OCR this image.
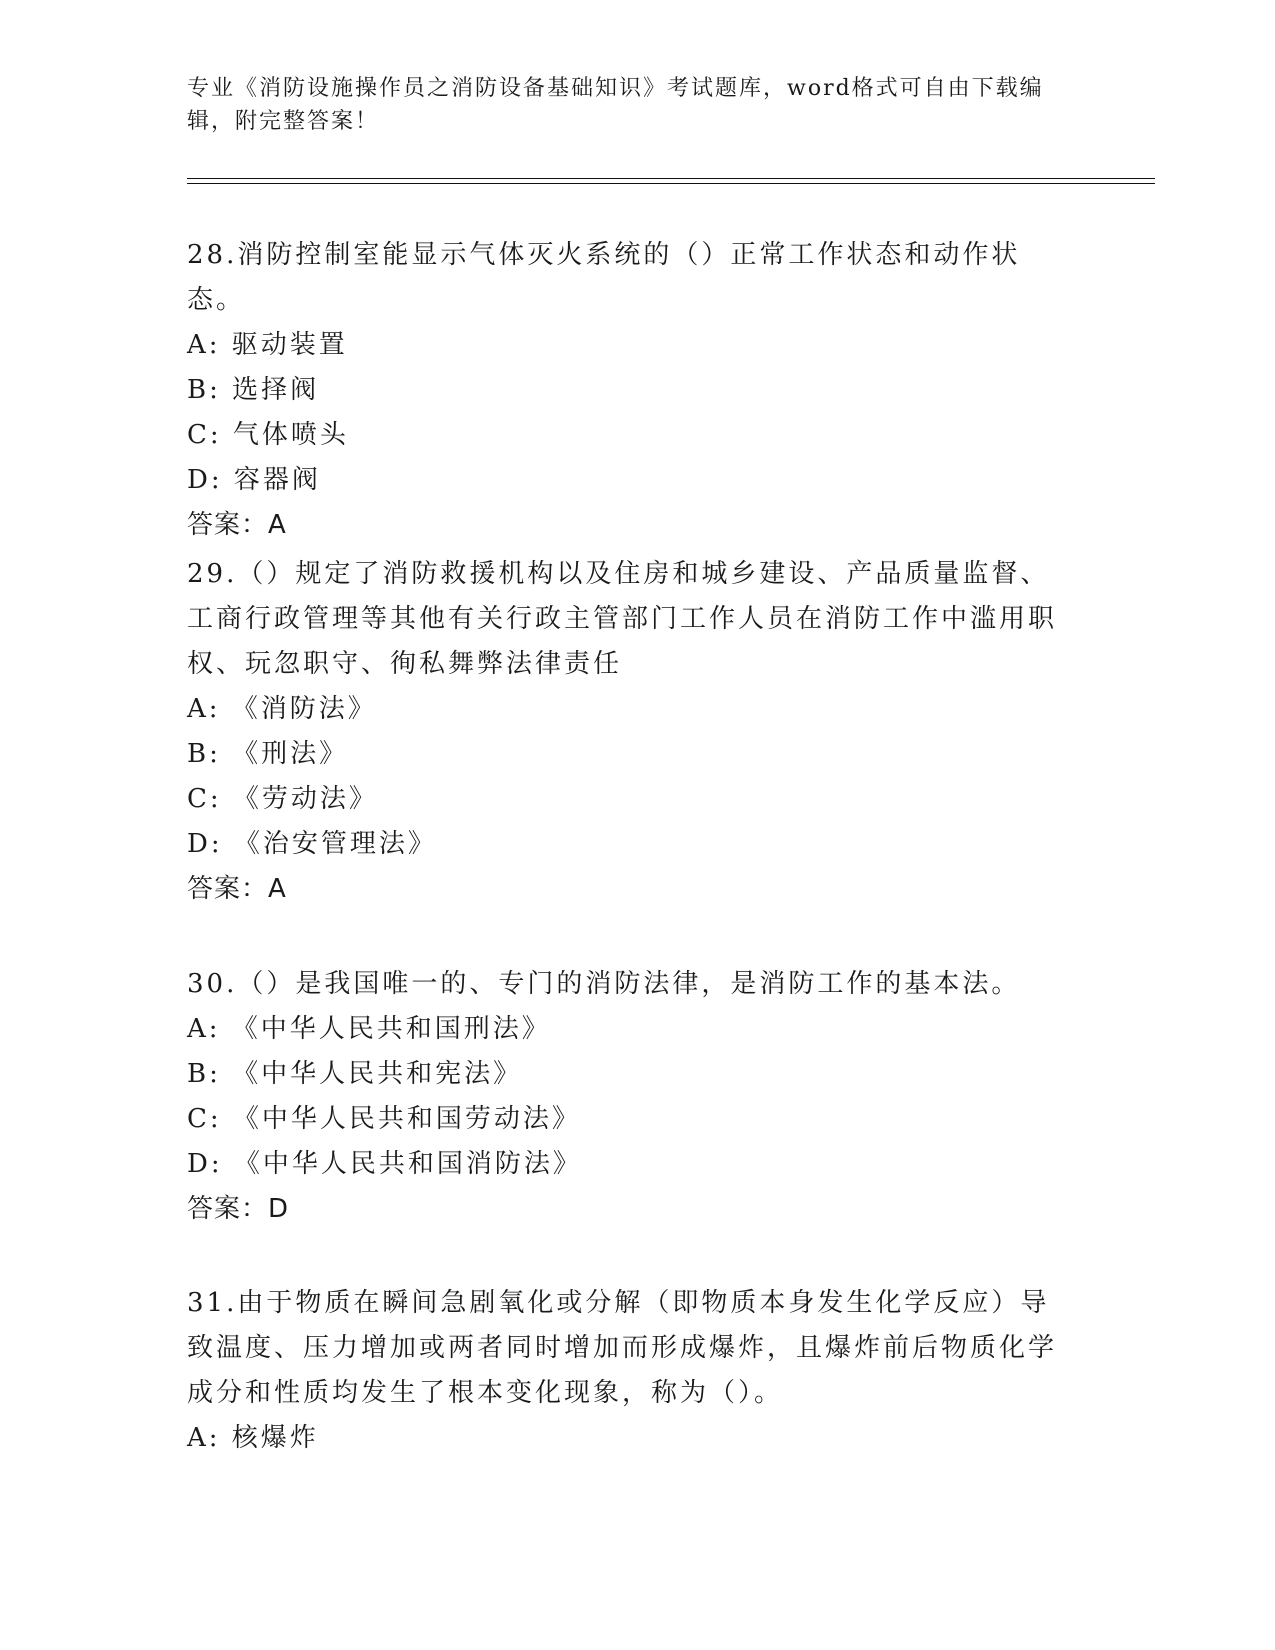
专业《消防设施操作员之消防设备基础知识》考试题库，word格式可自由下载编辑，附完整答案！
28.消防控制室能显示气体灭火系统的（）正常工作状态和动作状态。
A: 驱动装置
B: 选择阀
C: 气体喷头
D: 容器阀
答案：A
29.（）规定了消防救援机构以及住房和城乡建设、产品质量监督、工商行政管理等其他有关行政主管部门工作人员在消防工作中滥用职权、玩忽职守、徇私舞弊法律责任
A: 《消防法》
B: 《刑法》
C: 《劳动法》
D: 《治安管理法》
答案：A
30.（）是我国唯一的、专门的消防法律，是消防工作的基本法。
A: 《中华人民共和国刑法》
B: 《中华人民共和宪法》
C: 《中华人民共和国劳动法》
D: 《中华人民共和国消防法》
答案：D
31.由于物质在瞬间急剧氧化或分解（即物质本身发生化学反应）导致温度、压力增加或两者同时增加而形成爆炸，且爆炸前后物质化学成分和性质均发生了根本变化现象，称为（）。
A: 核爆炸
